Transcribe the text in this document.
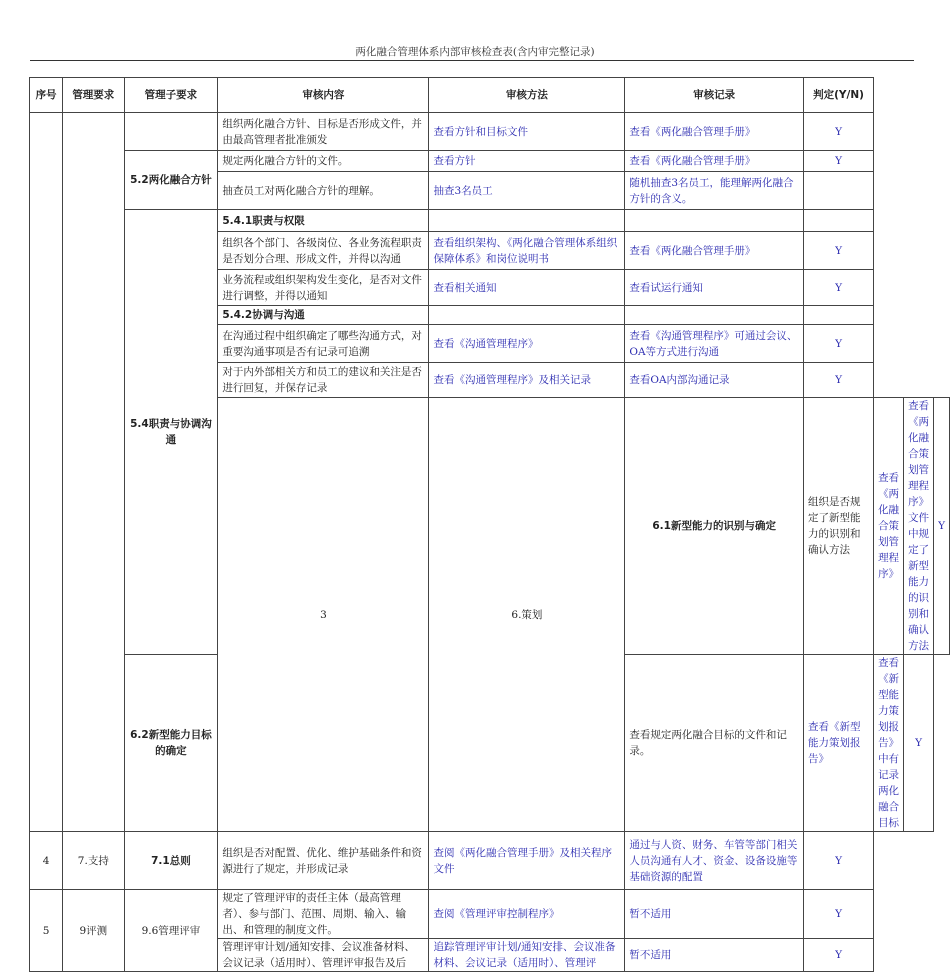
两化融合管理体系内部审核检查表(含内审完整记录)
序号	管理要求	管理子要求	审核内容	审核方法	审核记录	判定(Y/N)			
			组织两化融合方针、目标是否形成文件，并由最高管理者批准颁发	查看方针和目标文件	查看《两化融合管理手册》	Y			
		5.2两化融合方针	规定两化融合方针的文件。	查看方针	查看《两化融合管理手册》	Y			
			抽查员工对两化融合方针的理解。	抽查3名员工	随机抽查3名员工，能理解两化融合方针的含义。				
		5.4职责与协调沟通	5.4.1职责与权限						
			组织各个部门、各级岗位、各业务流程职责是否划分合理、形成文件，并得以沟通	查看组织架构、《两化融合管理体系组织保障体系》和岗位说明书	查看《两化融合管理手册》	Y			
			业务流程或组织架构发生变化，是否对文件进行调整，并得以通知	查看相关通知	查看试运行通知	Y			
			5.4.2协调与沟通						
			在沟通过程中组织确定了哪些沟通方式，对重要沟通事项是否有记录可追溯	查看《沟通管理程序》	查看《沟通管理程序》可通过会议、OA等方式进行沟通	Y			
			对于内外部相关方和员工的建议和关注是否进行回复，并保存记录	查看《沟通管理程序》及相关记录	查看OA内部沟通记录	Y			
			3	6.策划	6.1新型能力的识别与确定	组织是否规定了新型能力的识别和确认方法	查看《两化融合策划管理程序》	查看《两化融合策划管理程序》文件中规定了新型能力的识别和确认方法	Y
		6.2新型能力目标的确定			查看规定两化融合目标的文件和记录。	查看《新型能力策划报告》	查看《新型能力策划报告》中有记录两化融合目标	Y	
4	7.支持	7.1总则	组织是否对配置、优化、维护基础条件和资源进行了规定，并形成记录	查阅《两化融合管理手册》及相关程序文件	通过与人资、财务、车管等部门相关人员沟通有人才、资金、设备设施等基础资源的配置	Y			
5	9评测	9.6管理评审	规定了管理评审的责任主体（最高管理者）、参与部门、范围、周期、输入、输出、和管理的制度文件。	查阅《管理评审控制程序》	暂不适用	Y			
			管理评审计划/通知安排、会议准备材料、会议记录（适用时）、管理评审报告及后	追踪管理评审计划/通知安排、会议准备材料、会议记录（适用时）、管理评	暂不适用	Y			
